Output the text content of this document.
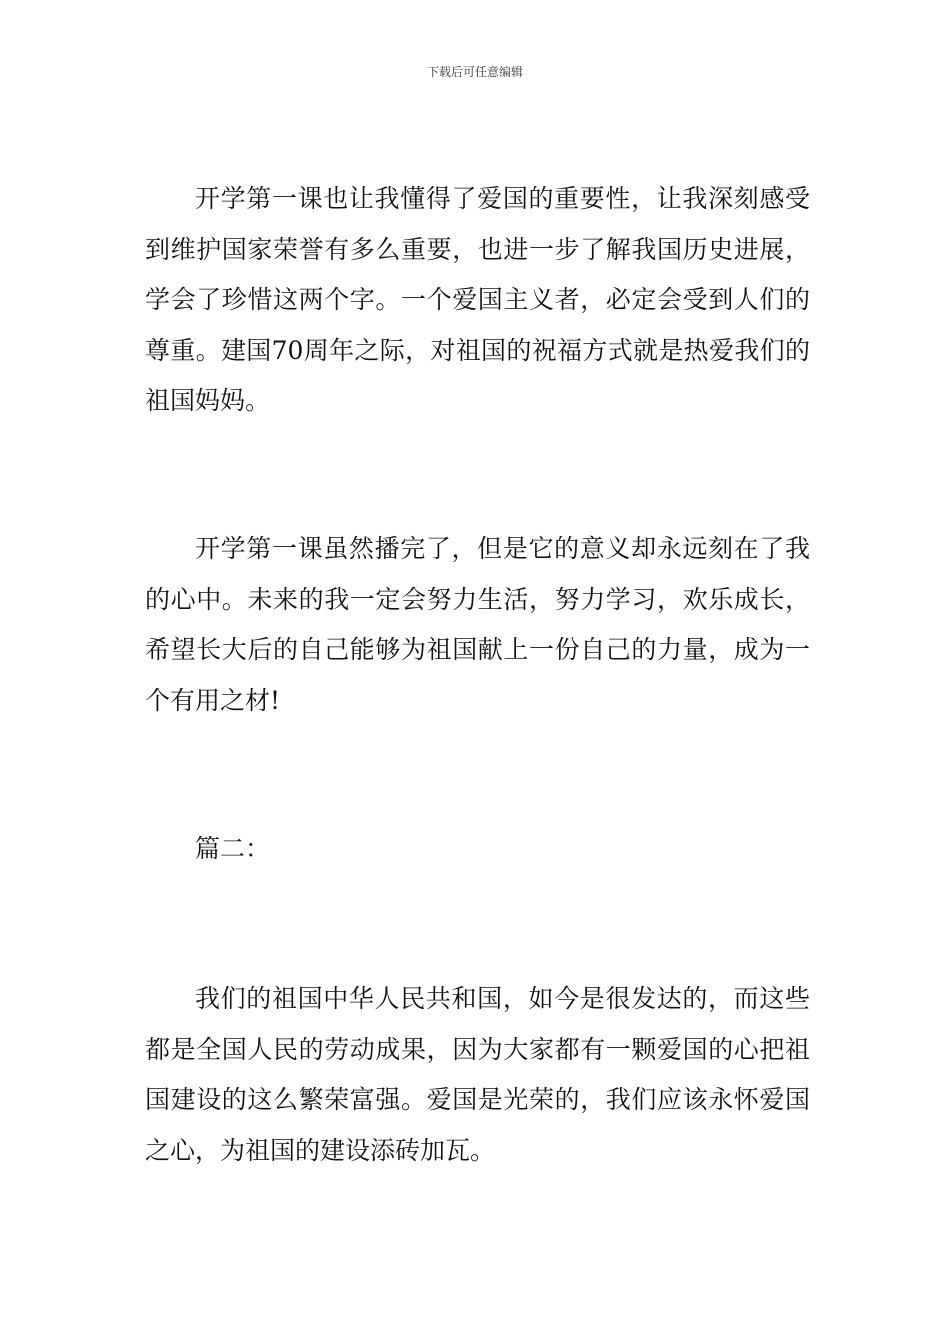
下载后可任意编辑

开学第一课也让我懂得了爱国的重要性，让我深刻感受到维护国家荣誉有多么重要，也进一步了解我国历史进展，学会了珍惜这两个字。一个爱国主义者，必定会受到人们的尊重。建国70周年之际，对祖国的祝福方式就是热爱我们的祖国妈妈。

开学第一课虽然播完了，但是它的意义却永远刻在了我的心中。未来的我一定会努力生活，努力学习，欢乐成长，希望长大后的自己能够为祖国献上一份自己的力量，成为一个有用之材!

篇二：

我们的祖国中华人民共和国，如今是很发达的，而这些都是全国人民的劳动成果，因为大家都有一颗爱国的心把祖国建设的这么繁荣富强。爱国是光荣的，我们应该永怀爱国之心，为祖国的建设添砖加瓦。
